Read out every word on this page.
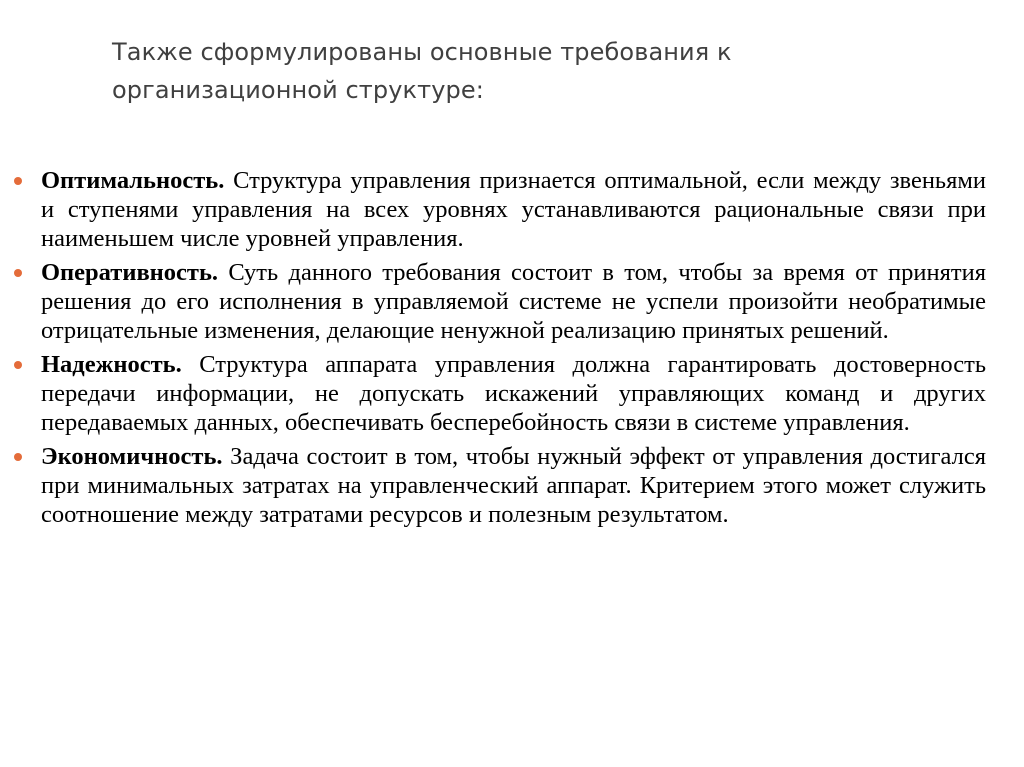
Также сформулированы основные требования к организационной структуре:
Оптимальность. Структура управления признается оптимальной, если между звеньями и ступенями управления на всех уровнях устанавливаются рациональные связи при наименьшем числе уровней управления.
Оперативность. Суть данного требования состоит в том, чтобы за время от принятия решения до его исполнения в управляемой системе не успели произойти необратимые отрицательные изменения, делающие ненужной реализацию принятых решений.
Надежность. Структура аппарата управления должна гарантировать достоверность передачи информации, не допускать искажений управляющих команд и других передаваемых данных, обеспечивать бесперебойность связи в системе управления.
Экономичность. Задача состоит в том, чтобы нужный эффект от управления достигался при минимальных затратах на управленческий аппарат. Критерием этого может служить соотношение между затратами ресурсов и полезным результатом.
